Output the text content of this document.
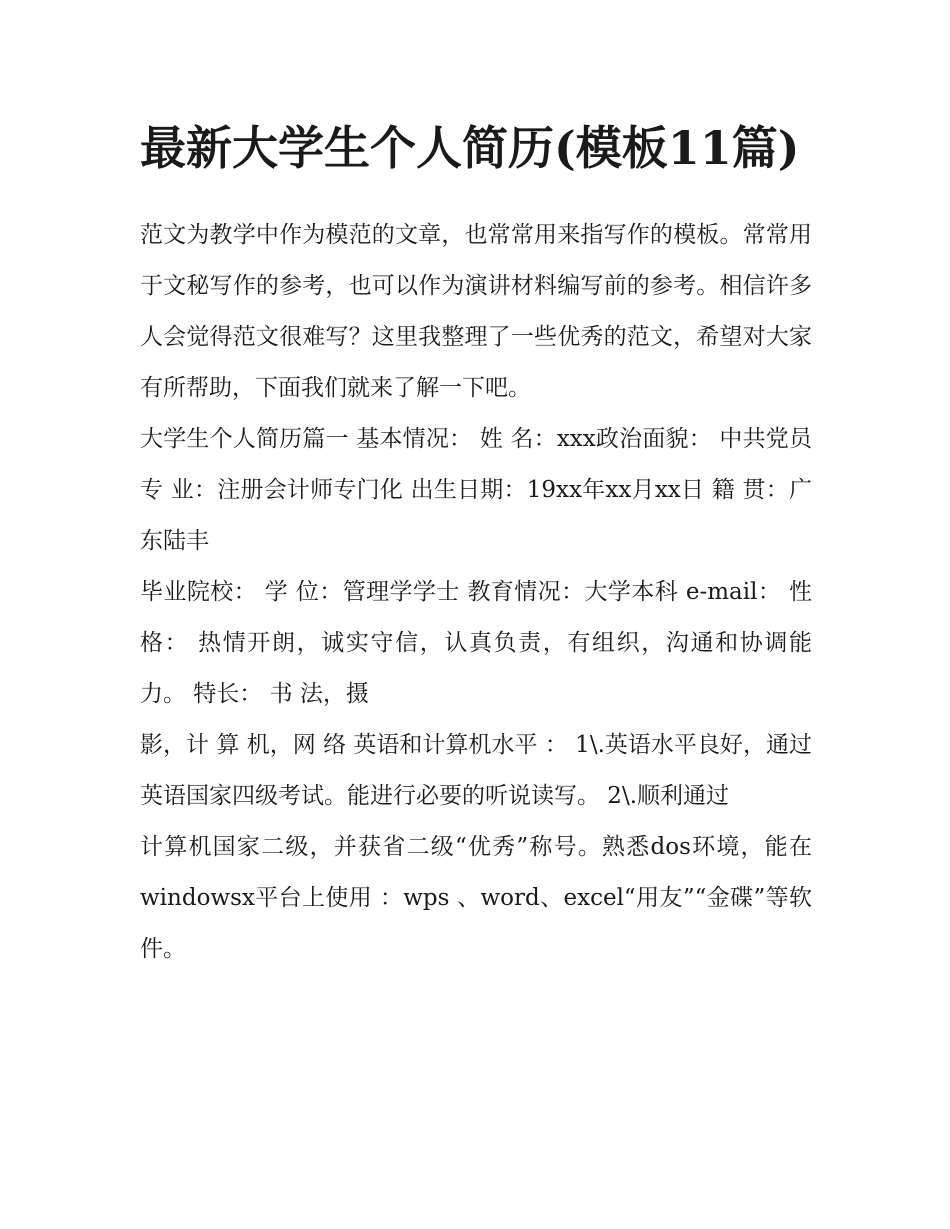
最新大学生个人简历(模板11篇)

范文为教学中作为模范的文章，也常常用来指写作的模板。常常用于文秘写作的参考，也可以作为演讲材料编写前的参考。相信许多人会觉得范文很难写？这里我整理了一些优秀的范文，希望对大家有所帮助，下面我们就来了解一下吧。

大学生个人简历篇一 基本情况： 姓 名：xxx政治面貌： 中共党员 专 业：注册会计师专门化 出生日期：19xx年xx月xx日 籍 贯：广东陆丰

毕业院校： 学 位：管理学学士 教育情况：大学本科 e-mail： 性格： 热情开朗，诚实守信，认真负责，有组织，沟通和协调能力。 特长： 书 法，摄

影，计 算 机，网 络 英语和计算机水平 ： 1\.英语水平良好，通过英语国家四级考试。能进行必要的听说读写。 2\.顺利通过

计算机国家二级，并获省二级“优秀”称号。熟悉dos环境，能在windowsx平台上使用 ：wps 、word、excel“用友”“金碟”等软件。
